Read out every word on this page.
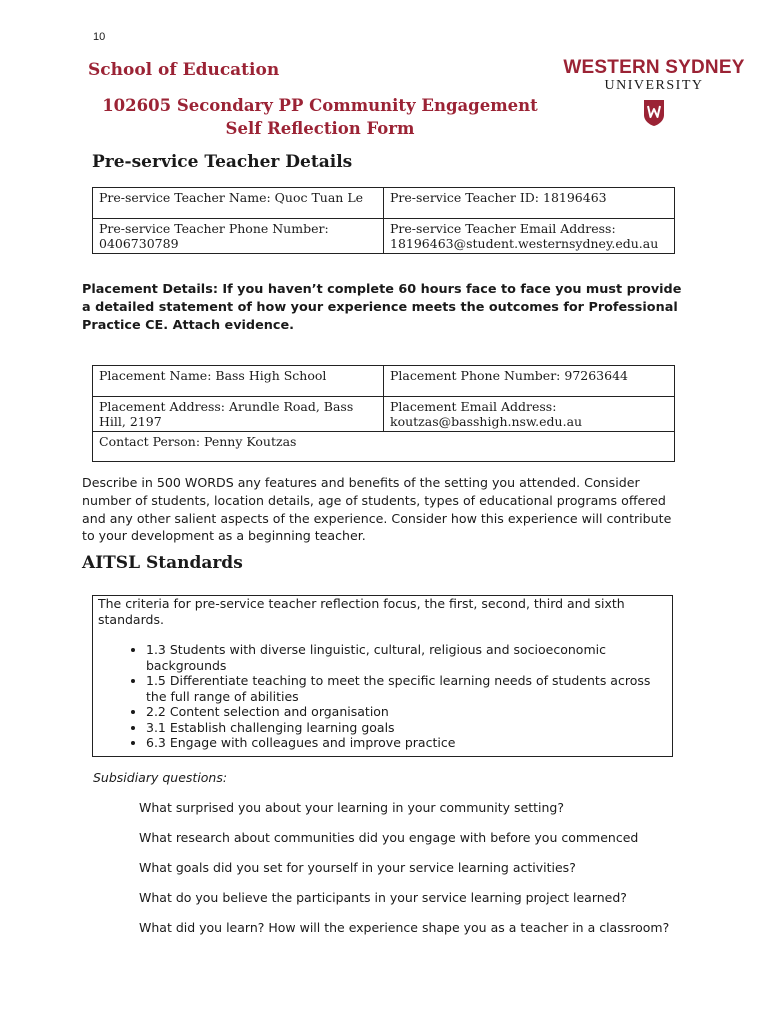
10
School of Education
102605 Secondary PP Community Engagement
Self Reflection Form
WESTERN SYDNEY
UNIVERSITY
Pre-service Teacher Details
Pre-service Teacher Name: Quoc Tuan Le	Pre-service Teacher ID: 18196463
Pre-service Teacher Phone Number: 0406730789	Pre-service Teacher Email Address: 18196463@student.westernsydney.edu.au
Placement Details: If you haven’t complete 60 hours face to face you must provide a detailed statement of how your experience meets the outcomes for Professional Practice CE. Attach evidence.
Placement Name: Bass High School	Placement Phone Number: 97263644
Placement Address: Arundle Road, Bass Hill, 2197	Placement Email Address: koutzas@basshigh.nsw.edu.au
Contact Person: Penny Koutzas	
Describe in 500 WORDS any features and benefits of the setting you attended. Consider number of students, location details, age of students, types of educational programs offered and any other salient aspects of the experience. Consider how this experience will contribute to your development as a beginning teacher.
AITSL Standards

The criteria for pre-service teacher reflection focus, the first, second, third and sixth standards.

• 1.3 Students with diverse linguistic, cultural, religious and socioeconomic backgrounds
• 1.5 Differentiate teaching to meet the specific learning needs of students across the full range of abilities
• 2.2 Content selection and organisation
• 3.1 Establish challenging learning goals
• 6.3 Engage with colleagues and improve practice
Subsidiary questions:
What surprised you about your learning in your community setting?
What research about communities did you engage with before you commenced
What goals did you set for yourself in your service learning activities?
What do you believe the participants in your service learning project learned?
What did you learn? How will the experience shape you as a teacher in a classroom?
